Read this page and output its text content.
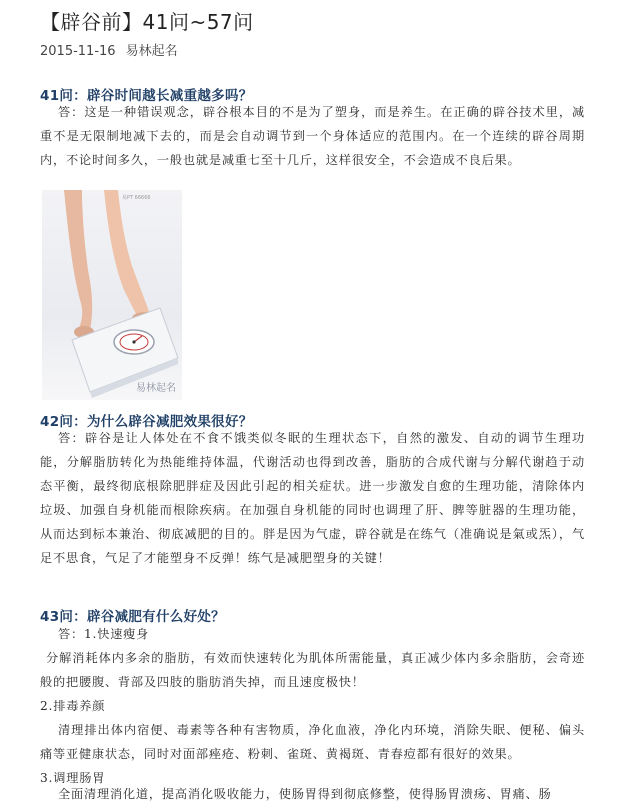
【辟谷前】41问~57问
2015-11-16 易林起名
41问：辟谷时间越长减重越多吗？
答：这是一种错误观念，辟谷根本目的不是为了塑身，而是养生。在正确的辟谷技术里，减重不是无限制地减下去的，而是会自动调节到一个身体适应的范围内。在一个连续的辟谷周期内，不论时间多久，一般也就是减重七至十几斤，这样很安全，不会造成不良后果。
易PT 66666
易林起名
42问：为什么辟谷减肥效果很好？
答：辟谷是让人体处在不食不饿类似冬眠的生理状态下，自然的激发、自动的调节生理功能，分解脂肪转化为热能维持体温，代谢活动也得到改善，脂肪的合成代谢与分解代谢趋于动态平衡，最终彻底根除肥胖症及因此引起的相关症状。进一步激发自愈的生理功能，清除体内垃圾、加强自身机能而根除疾病。在加强自身机能的同时也调理了肝、脾等脏器的生理功能，从而达到标本兼治、彻底减肥的目的。胖是因为气虚，辟谷就是在练气（准确说是氣或炁），气足不思食，气足了才能塑身不反弹！练气是减肥塑身的关键！
43问：辟谷减肥有什么好处？
答：1.快速瘦身
分解消耗体内多余的脂肪，有效而快速转化为肌体所需能量，真正减少体内多余脂肪，会奇迹般的把腰腹、背部及四肢的脂肪消失掉，而且速度极快！
2.排毒养颜
清理排出体内宿便、毒素等各种有害物质，净化血液，净化内环境，消除失眠、便秘、偏头痛等亚健康状态，同时对面部痤疮、粉刺、雀斑、黄褐斑、青春痘都有很好的效果。
3.调理肠胃
全面清理消化道，提高消化吸收能力，使肠胃得到彻底修整，使得肠胃溃疡、胃痛、肠
